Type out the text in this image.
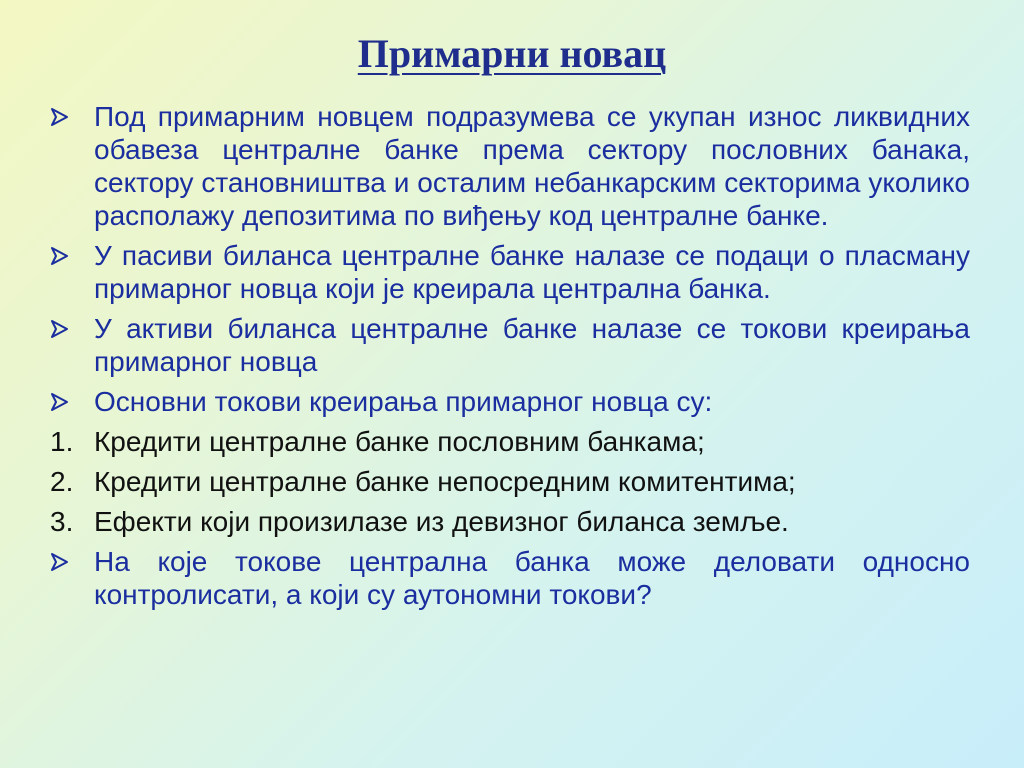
Примарни новац
Под примарним новцем подразумева се укупан износ ликвидних обавеза централне банке према сектору пословних банака, сектору становништва и осталим небанкарским секторима уколико располажу депозитима по виђењу код централне банке.
У пасиви биланса централне банке налазе се подаци о пласману примарног новца који је креирала централна банка.
У активи биланса централне банке налазе се токови креирања примарног новца
Основни токови креирања примарног новца су:
1. Кредити централне банке пословним банкама;
2. Кредити централне банке непосредним комитентима;
3. Ефекти који произилазе из девизног биланса земље.
На које токове централна банка може деловати односно контролисати, а који су аутономни токови?
